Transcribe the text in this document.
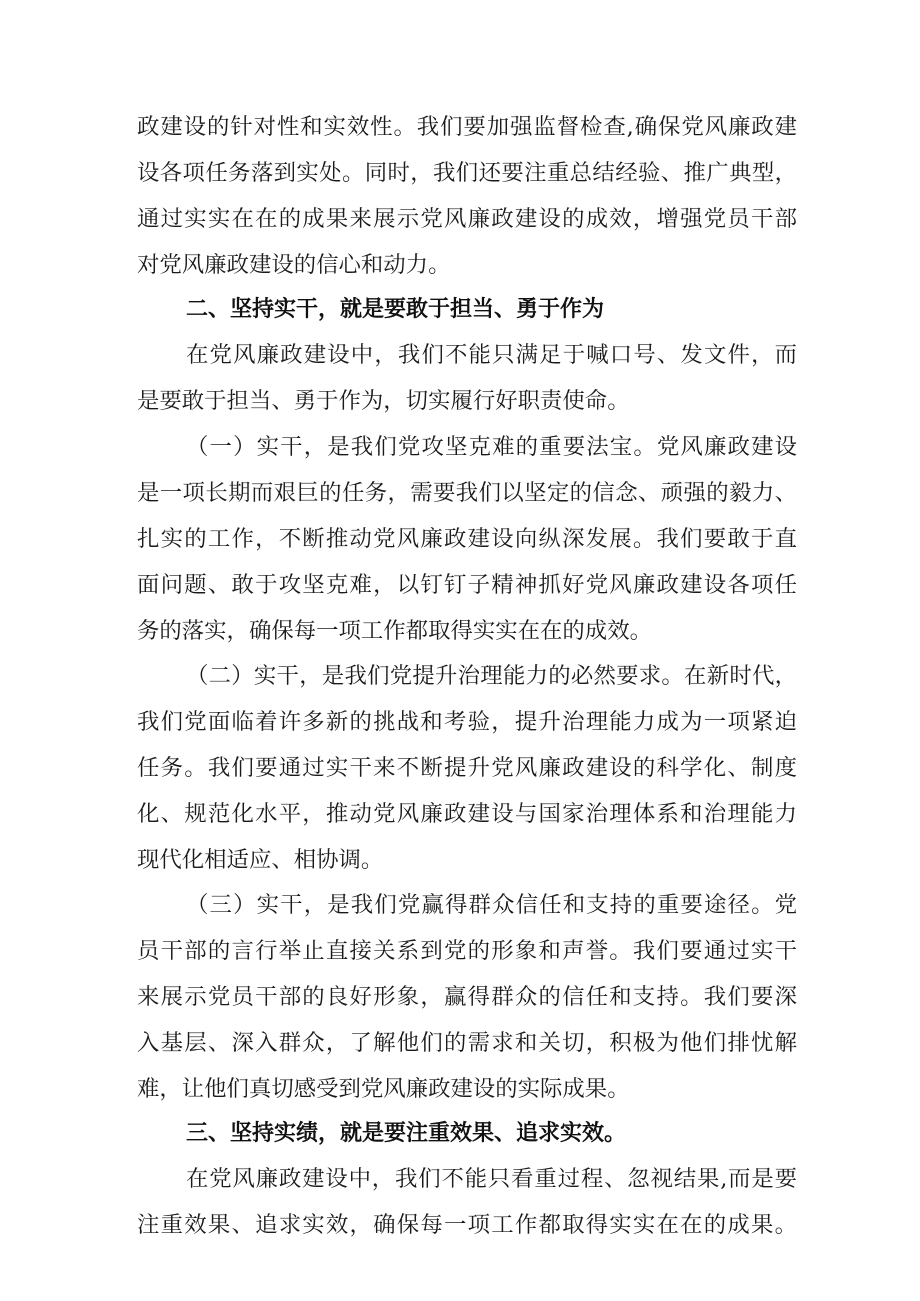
政建设的针对性和实效性。我们要加强监督检查,确保党风廉政建
设各项任务落到实处。同时，我们还要注重总结经验、推广典型，
通过实实在在的成果来展示党风廉政建设的成效，增强党员干部
对党风廉政建设的信心和动力。
二、坚持实干，就是要敢于担当、勇于作为
在党风廉政建设中，我们不能只满足于喊口号、发文件，而
是要敢于担当、勇于作为，切实履行好职责使命。
（一）实干，是我们党攻坚克难的重要法宝。党风廉政建设
是一项长期而艰巨的任务，需要我们以坚定的信念、顽强的毅力、
扎实的工作，不断推动党风廉政建设向纵深发展。我们要敢于直
面问题、敢于攻坚克难，以钉钉子精神抓好党风廉政建设各项任
务的落实，确保每一项工作都取得实实在在的成效。
（二）实干，是我们党提升治理能力的必然要求。在新时代，
我们党面临着许多新的挑战和考验，提升治理能力成为一项紧迫
任务。我们要通过实干来不断提升党风廉政建设的科学化、制度
化、规范化水平，推动党风廉政建设与国家治理体系和治理能力
现代化相适应、相协调。
（三）实干，是我们党赢得群众信任和支持的重要途径。党
员干部的言行举止直接关系到党的形象和声誉。我们要通过实干
来展示党员干部的良好形象，赢得群众的信任和支持。我们要深
入基层、深入群众，了解他们的需求和关切，积极为他们排忧解
难，让他们真切感受到党风廉政建设的实际成果。
三、坚持实绩，就是要注重效果、追求实效。
在党风廉政建设中，我们不能只看重过程、忽视结果,而是要
注重效果、追求实效，确保每一项工作都取得实实在在的成果。
